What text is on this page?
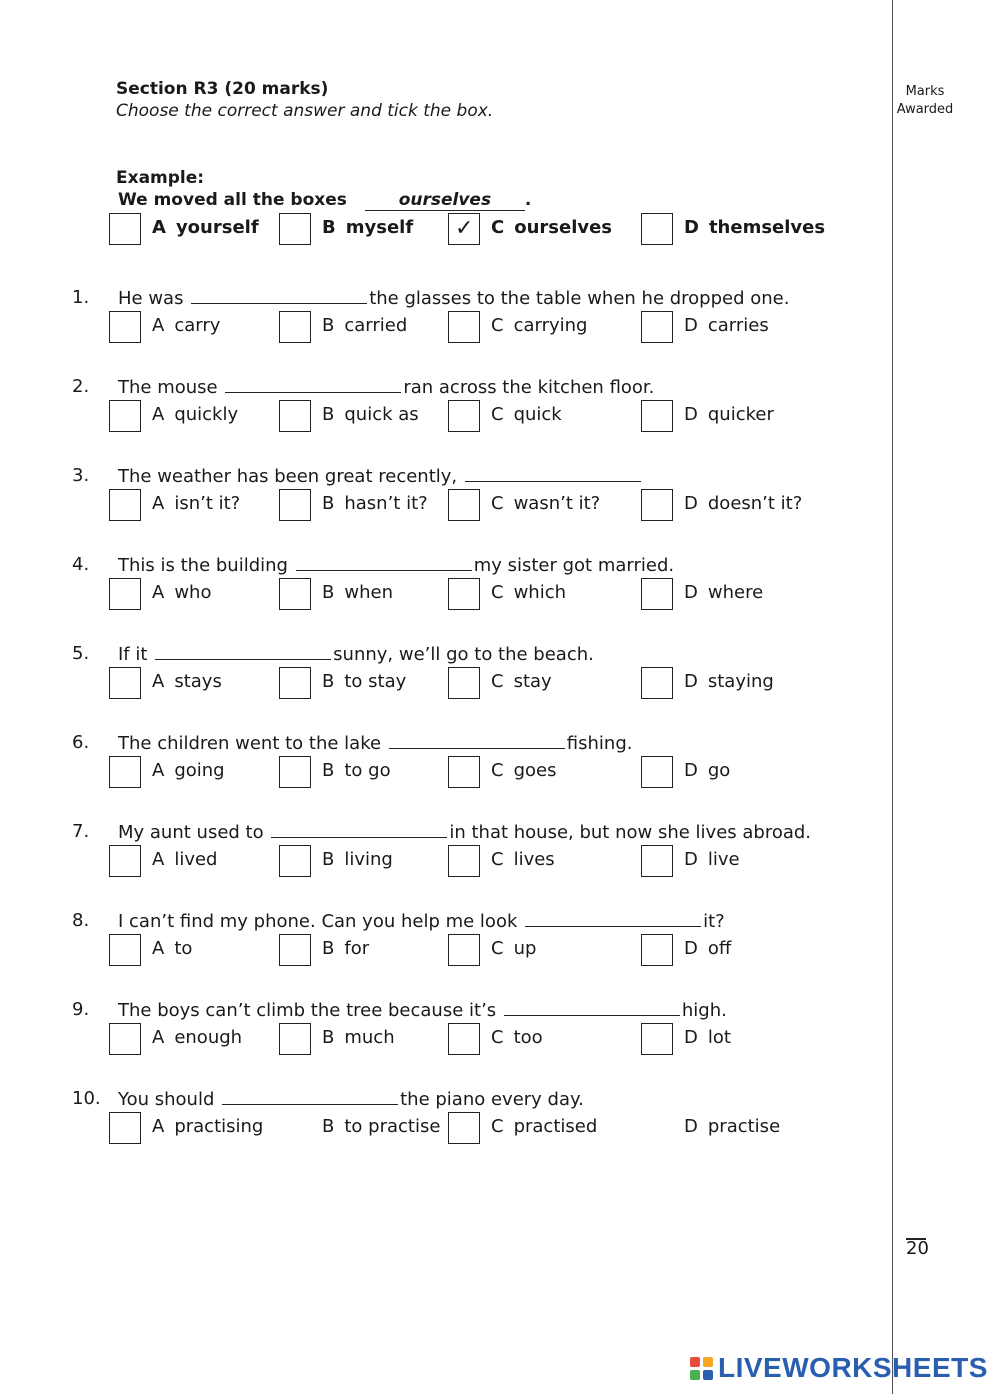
Marks
Awarded
Section R3 (20 marks)
Choose the correct answer and tick the box.
Example:
We moved all the boxes	ourselves .
A yourself	B myself ✓ C ourselves	D themselves
1. He was	the glasses to the table when he dropped one.
A carry	B carried	C carrying	D carries
2. The mouse	ran across the kitchen floor.
A quickly	B quick as	C quick	D quicker
3. The weather has been great recently,
A isn’t it?	B hasn’t it?	C wasn’t it?	D doesn’t it?
4. This is the building	my sister got married.
A who	B when	C which	D where
5. If it	sunny, we’ll go to the beach.
A stays	B to stay	C stay	D staying
6. The children went to the lake	fishing.
A going	B to go	C goes	D go
7. My aunt used to	in that house, but now she lives abroad.
A lived	B living	C lives	D live
8. I can’t find my phone. Can you help me look	it?
A to	B for	C up	D off
9. The boys can’t climb the tree because it’s	high.
A enough	B much	C too	D lot
10. You should	the piano every day.
A practising	B to practise	C practised	D practise
20
LIVEWORKSHEETS
